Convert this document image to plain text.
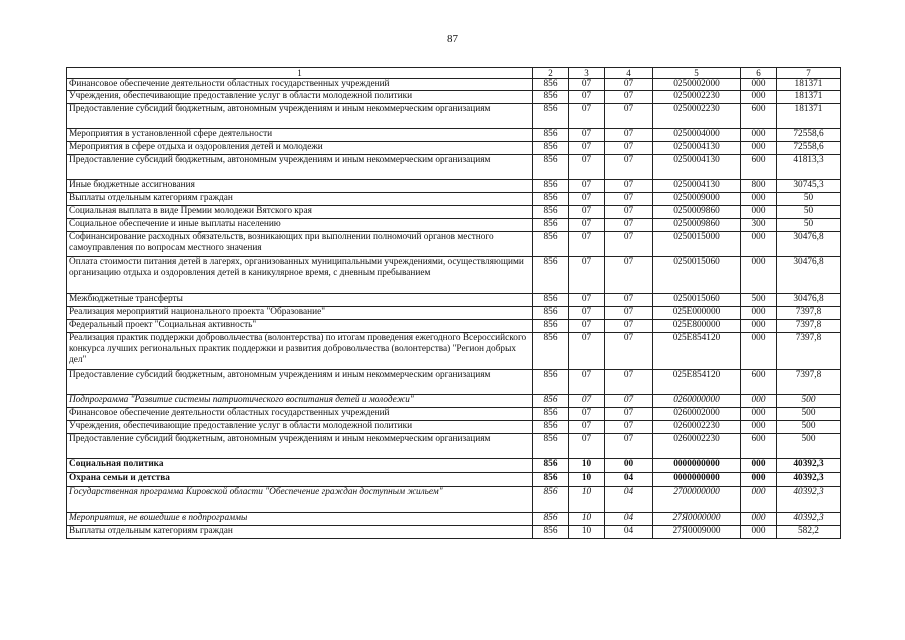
87
1	2	3	4	5	6	7
Финансовое обеспечение деятельности областных государственных учреждений	856	07	07	0250002000	000	181371
Учреждения, обеспечивающие предоставление услуг в области молодежной политики	856	07	07	0250002230	000	181371
Предоставление субсидий бюджетным, автономным учреждениям и иным некоммерческим организациям	856	07	07	0250002230	600	181371
Мероприятия в установленной сфере деятельности	856	07	07	0250004000	000	72558,6
Мероприятия в сфере отдыха и оздоровления детей и молодежи	856	07	07	0250004130	000	72558,6
Предоставление субсидий бюджетным, автономным учреждениям и иным некоммерческим организациям	856	07	07	0250004130	600	41813,3
Иные бюджетные ассигнования	856	07	07	0250004130	800	30745,3
Выплаты отдельным категориям граждан	856	07	07	0250009000	000	50
Социальная выплата в виде Премии молодежи Вятского края	856	07	07	0250009860	000	50
Социальное обеспечение и иные выплаты населению	856	07	07	0250009860	300	50
Софинансирование расходных обязательств, возникающих при выполнении полномочий органов местного самоуправления по вопросам местного значения	856	07	07	0250015000	000	30476,8
Оплата стоимости питания детей в лагерях, организованных муниципальными учреждениями, осуществляющими организацию отдыха и оздоровления детей в каникулярное время, с дневным пребыванием	856	07	07	0250015060	000	30476,8
Межбюджетные трансферты	856	07	07	0250015060	500	30476,8
Реализация мероприятий национального проекта "Образование"	856	07	07	025E000000	000	7397,8
Федеральный проект "Социальная активность"	856	07	07	025E800000	000	7397,8
Реализация практик поддержки добровольчества (волонтерства) по итогам проведения ежегодного Всероссийского конкурса лучших региональных практик поддержки и развития добровольчества (волонтерства) "Регион добрых дел"	856	07	07	025E854120	000	7397,8
Предоставление субсидий бюджетным, автономным учреждениям и иным некоммерческим организациям	856	07	07	025E854120	600	7397,8
Подпрограмма "Развитие системы патриотического воспитания детей и молодежи"	856	07	07	0260000000	000	500
Финансовое обеспечение деятельности областных государственных учреждений	856	07	07	0260002000	000	500
Учреждения, обеспечивающие предоставление услуг в области молодежной политики	856	07	07	0260002230	000	500
Предоставление субсидий бюджетным, автономным учреждениям и иным некоммерческим организациям	856	07	07	0260002230	600	500
Социальная политика	856	10	00	0000000000	000	40392,3
Охрана семьи и детства	856	10	04	0000000000	000	40392,3
Государственная программа Кировской области "Обеспечение граждан доступным жильем"	856	10	04	2700000000	000	40392,3
Мероприятия, не вошедшие в подпрограммы	856	10	04	27Я0000000	000	40392,3
Выплаты отдельным категориям граждан	856	10	04	27Я0009000	000	582,2
